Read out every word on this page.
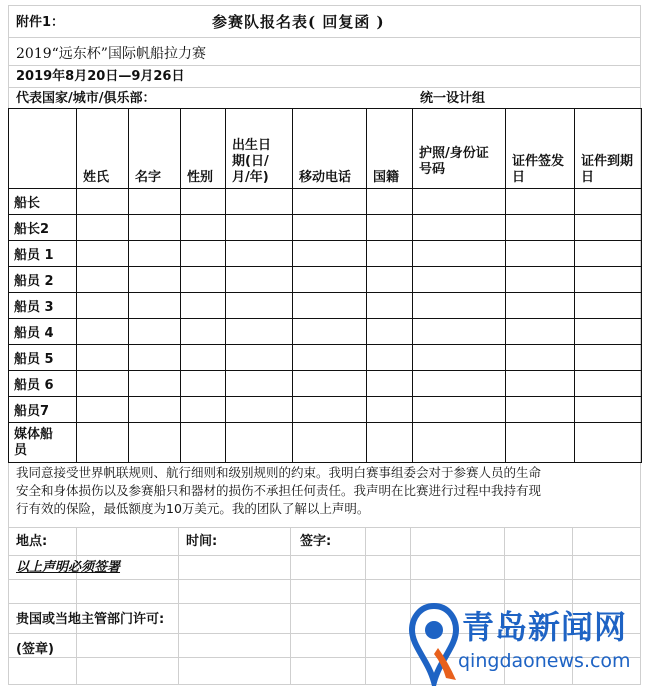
附件1：	参赛队报名表( 回复函 )
2019“远东杯”国际帆船拉力赛
2019年8月20日—9月26日
代表国家/城市/俱乐部：	统一设计组
	姓氏	名字	性别	出生日期(日/月/年)	移动电话	国籍	护照/身份证号码	证件签发日	证件到期日
船长									
船长2									
船员 1									
船员 2									
船员 3									
船员 4									
船员 5									
船员 6									
船员7									
媒体船员									
我同意接受世界帆联规则、航行细则和级别规则的约束。我明白赛事组委会对于参赛人员的生命
安全和身体损伤以及参赛船只和器材的损伤不承担任何责任。我声明在比赛进行过程中我持有现
行有效的保险，最低额度为10万美元。我的团队了解以上声明。
地点:	时间:	签字:
以上声明必须签署
贵国或当地主管部门许可:
(签章)
青岛新闻网
qingdaonews.com
